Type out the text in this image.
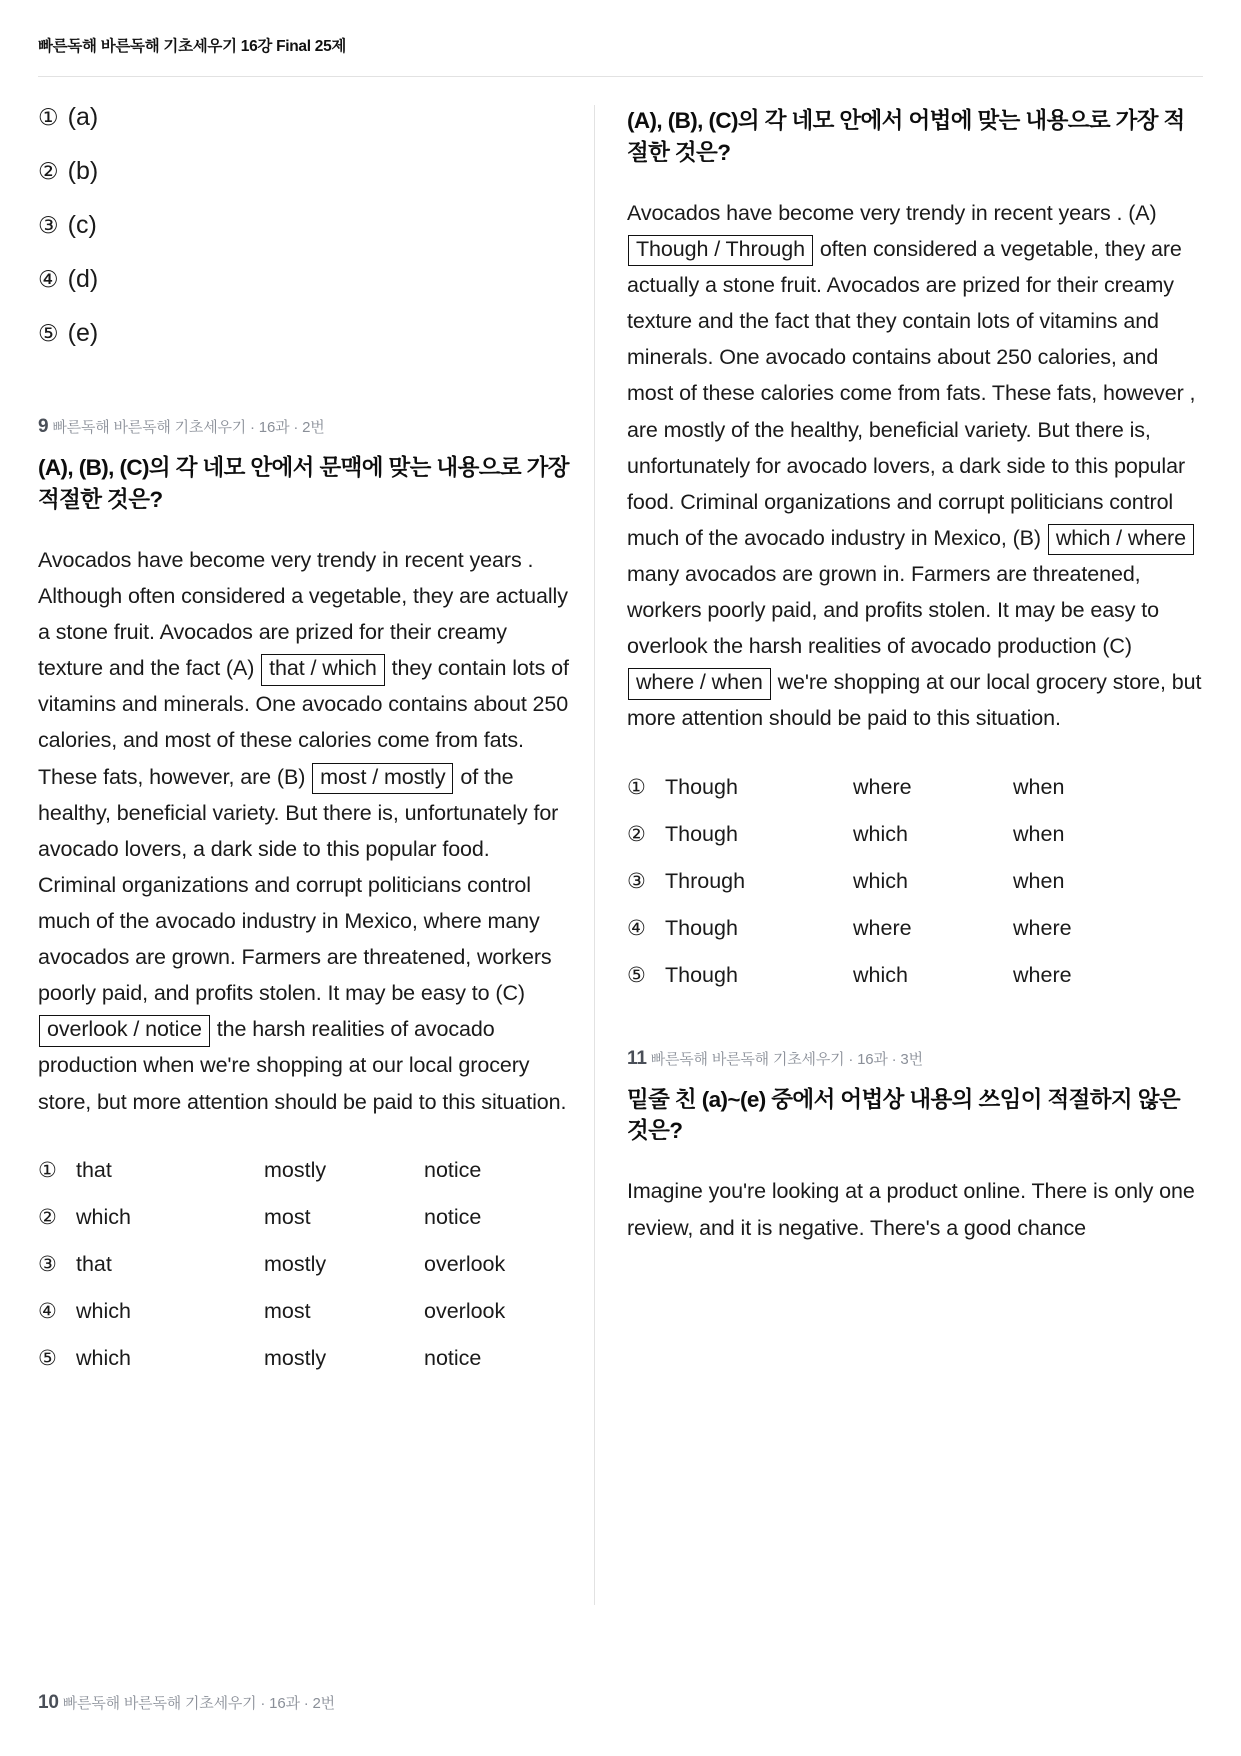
빠른독해 바른독해 기초세우기 16강 Final 25제
① (a)
② (b)
③ (c)
④ (d)
⑤ (e)
9 빠른독해 바른독해 기초세우기 · 16과 · 2번
(A), (B), (C)의 각 네모 안에서 문맥에 맞는 내용으로 가장 적절한 것은?

Avocados have become very trendy in recent years . Although often considered a vegetable, they are actually a stone fruit. Avocados are prized for their creamy texture and the fact (A) that / which they contain lots of vitamins and minerals. One avocado contains about 250 calories, and most of these calories come from fats. These fats, however, are (B) most / mostly of the healthy, beneficial variety. But there is, unfortunately for avocado lovers, a dark side to this popular food. Criminal organizations and corrupt politicians control much of the avocado industry in Mexico, where many avocados are grown. Farmers are threatened, workers poorly paid, and profits stolen. It may be easy to (C) overlook / notice the harsh realities of avocado production when we're shopping at our local grocery store, but more attention should be paid to this situation.

①	that	mostly	notice
②	which	most	notice
③	that	mostly	overlook
④	which	most	overlook
⑤	which	mostly	notice
(A), (B), (C)의 각 네모 안에서 어법에 맞는 내용으로 가장 적절한 것은?

Avocados have become very trendy in recent years . (A) Though / Through often considered a vegetable, they are actually a stone fruit. Avocados are prized for their creamy texture and the fact that they contain lots of vitamins and minerals. One avocado contains about 250 calories, and most of these calories come from fats. These fats, however , are mostly of the healthy, beneficial variety. But there is, unfortunately for avocado lovers, a dark side to this popular food. Criminal organizations and corrupt politicians control much of the avocado industry in Mexico, (B) which / where many avocados are grown in. Farmers are threatened, workers poorly paid, and profits stolen. It may be easy to overlook the harsh realities of avocado production (C) where / when we're shopping at our local grocery store, but more attention should be paid to this situation.

①	Though	where	when
②	Though	which	when
③	Through	which	when
④	Though	where	where
⑤	Though	which	where
11 빠른독해 바른독해 기초세우기 · 16과 · 3번
밑줄 친 (a)~(e) 중에서 어법상 내용의 쓰임이 적절하지 않은 것은?

Imagine you're looking at a product online. There is only one review, and it is negative. There's a good chance

10 빠른독해 바른독해 기초세우기 · 16과 · 2번
